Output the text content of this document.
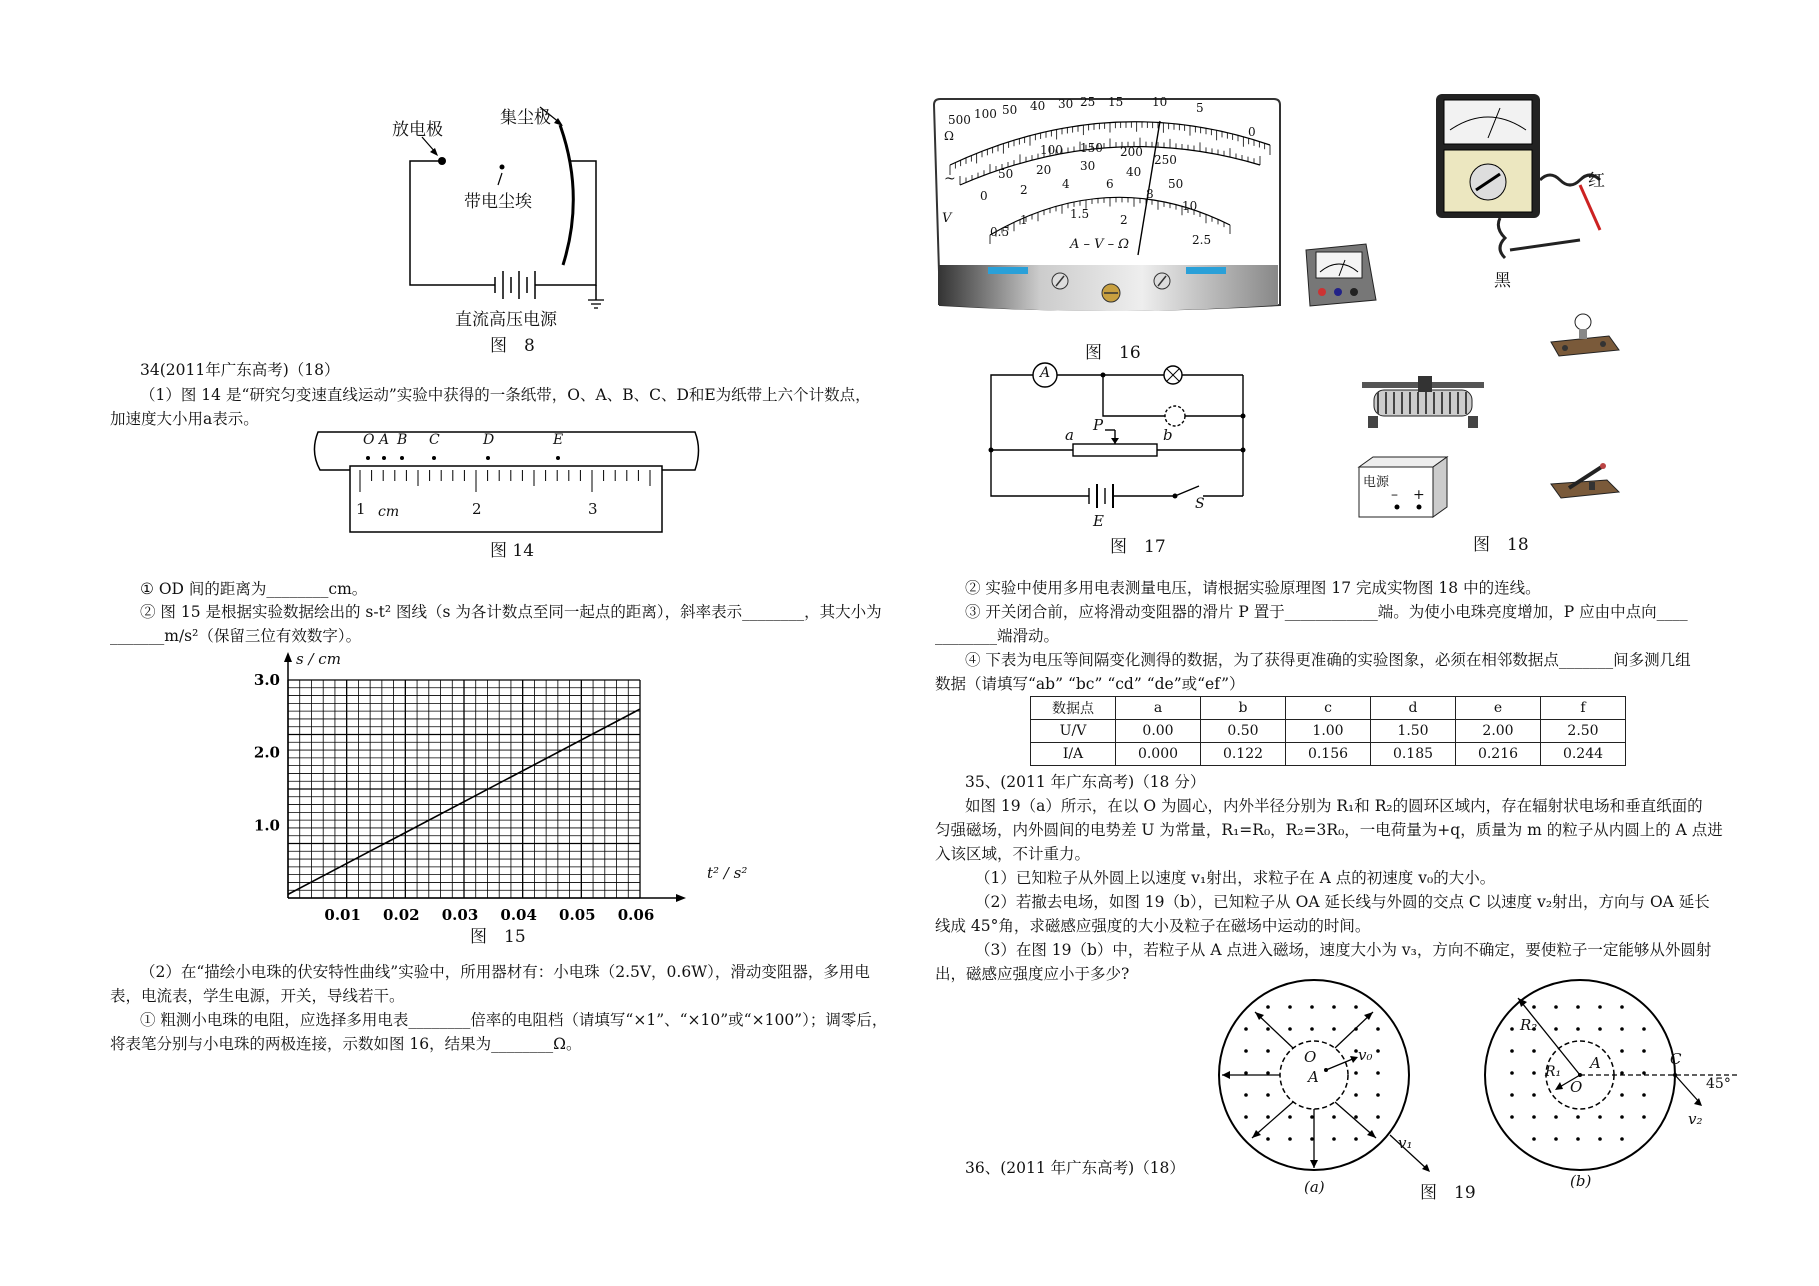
放电极
集尘极
带电尘埃
直流高压电源
图　8
34(2011年广东高考)（18）
（1）图 14 是“研究匀变速直线运动”实验中获得的一条纸带，O、A、B、C、D和E为纸带上六个计数点，
加速度大小用a表示。
O A B C	D	E
1	2	3
cm
图 14
① OD 间的距离为________cm。
② 图 15 是根据实验数据绘出的 s-t² 图线（s 为各计数点至同一起点的距离），斜率表示________，其大小为
_______m/s²（保留三位有效数字）。
1.0
2.0
3.0
0.01 0.02 0.03 0.04 0.05 0.06
s / cm
t² / s²
图　15
（2）在“描绘小电珠的伏安特性曲线”实验中，所用器材有：小电珠（2.5V，0.6W），滑动变阻器，多用电
表，电流表，学生电源，开关，导线若干。
① 粗测小电珠的电阻，应选择多用电表________倍率的电阻档（请填写“×1”、“×10”或“×100”）；调零后，
将表笔分别与小电珠的两极连接，示数如图 16，结果为________Ω。
500 100 50 40 30 25 15 10 5
0
100 150 200
250
50 20 30	40
50
0	2	4	6
8
10
0.5
1	1.5	2
2.5
A – V – Ω
Ω
V
~
图　16
红
黑
电源
– +
图　18
A
a
P
b
E
S
图　17
② 实验中使用多用电表测量电压，请根据实验原理图 17 完成实物图 18 中的连线。
③ 开关闭合前，应将滑动变阻器的滑片 P 置于____________端。为使小电珠亮度增加，P 应由中点向____
________端滑动。
④ 下表为电压等间隔变化测得的数据，为了获得更准确的实验图象，必须在相邻数据点_______间多测几组
数据（请填写“ab” “bc” “cd” “de”或“ef”）
数据点	a	b	c	d	e	f
U/V	0.00	0.50	1.00	1.50	2.00	2.50
I/A	0.000	0.122	0.156	0.185	0.216	0.244
35、(2011 年广东高考)（18 分）
如图 19（a）所示，在以 O 为圆心，内外半径分别为 R₁和 R₂的圆环区域内，存在辐射状电场和垂直纸面的
匀强磁场，内外圆间的电势差 U 为常量，R₁=R₀，R₂=3R₀，一电荷量为+q，质量为 m 的粒子从内圆上的 A 点进
入该区域，不计重力。
（1）已知粒子从外圆上以速度 v₁射出，求粒子在 A 点的初速度 v₀的大小。
（2）若撤去电场，如图 19（b），已知粒子从 OA 延长线与外圆的交点 C 以速度 v₂射出，方向与 OA 延长
线成 45°角，求磁感应强度的大小及粒子在磁场中运动的时间。
（3）在图 19（b）中，若粒子从 A 点进入磁场，速度大小为 v₃，方向不确定，要使粒子一定能够从外圆射
出，磁感应强度应小于多少?
36、(2011 年广东高考)（18）
O
A
v₀
v₁
R₂
R₁
O
A	C
45°
v₂
(a)	图　19
(b)
